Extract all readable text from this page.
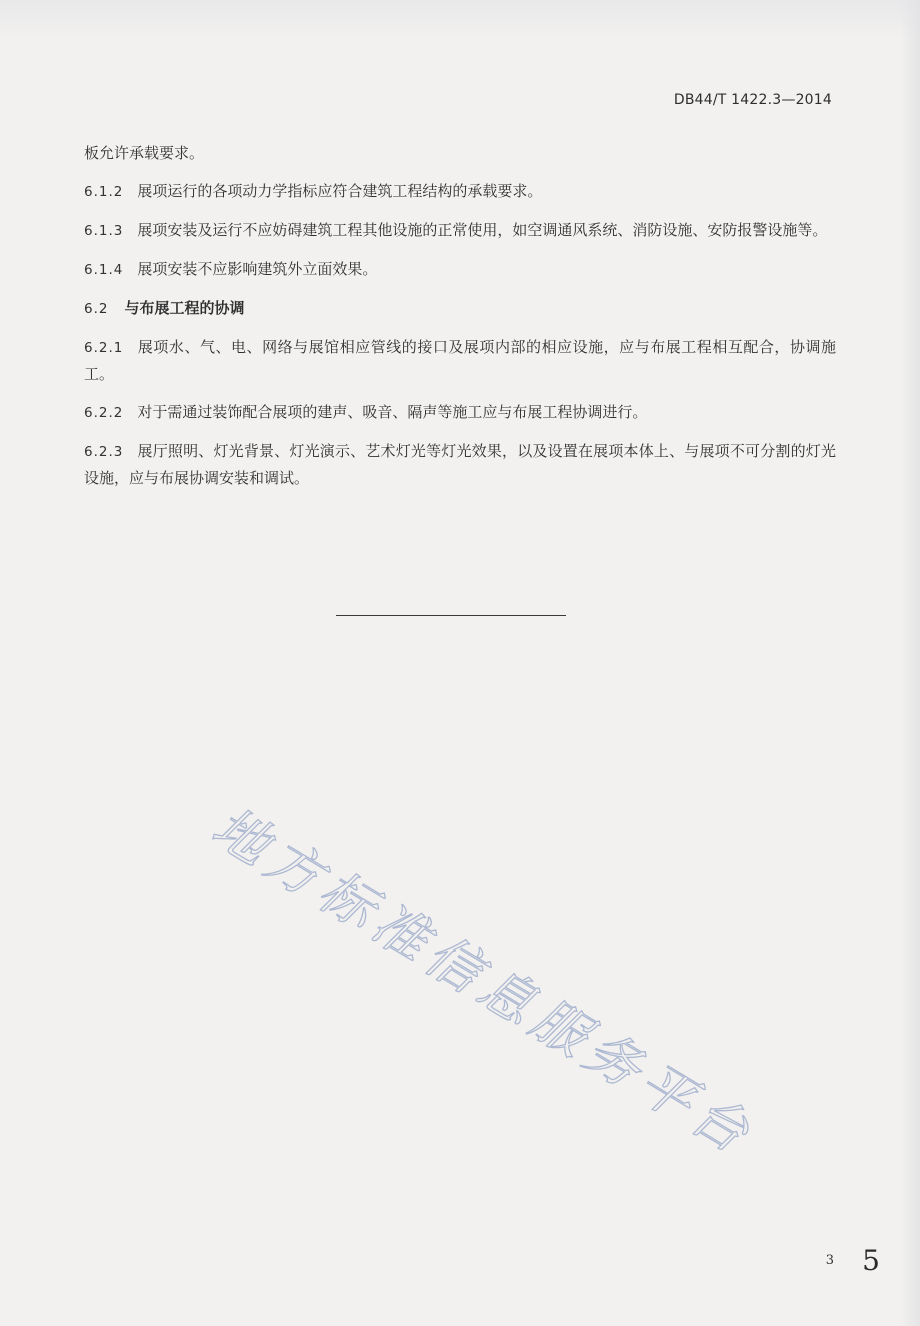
DB44/T 1422.3—2014

板允许承载要求。

6.1.2 展项运行的各项动力学指标应符合建筑工程结构的承载要求。

6.1.3 展项安装及运行不应妨碍建筑工程其他设施的正常使用，如空调通风系统、消防设施、安防报警设施等。

6.1.4 展项安装不应影响建筑外立面效果。

6.2 与布展工程的协调

6.2.1 展项水、气、电、网络与展馆相应管线的接口及展项内部的相应设施，应与布展工程相互配合，协调施工。

6.2.2 对于需通过装饰配合展项的建声、吸音、隔声等施工应与布展工程协调进行。

6.2.3 展厅照明、灯光背景、灯光演示、艺术灯光等灯光效果，以及设置在展项本体上、与展项不可分割的灯光设施，应与布展协调安装和调试。

地方标准信息服务平台
3 5
